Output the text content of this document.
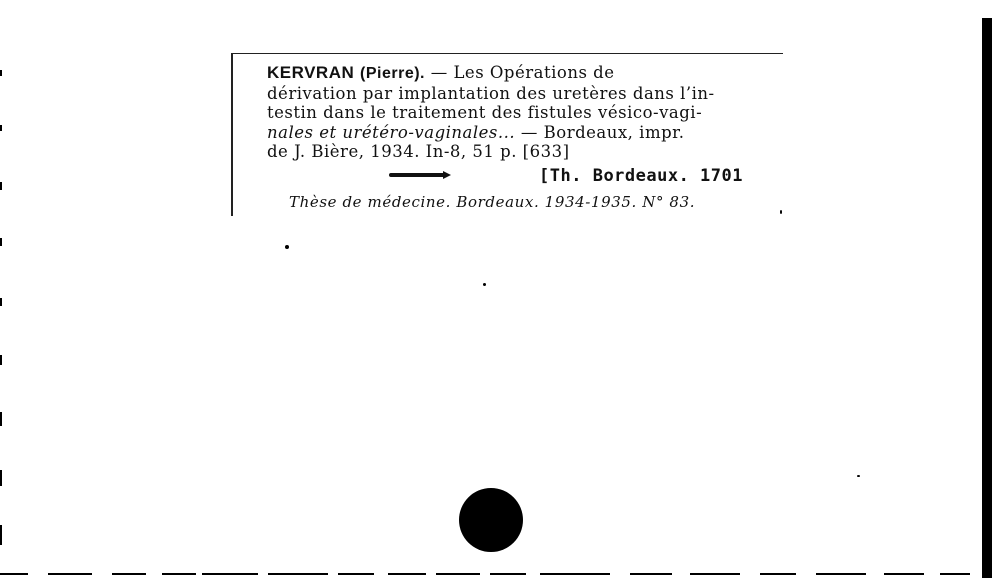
KERVRAN (Pierre). — Les Opérations de
dérivation par implantation des uretères dans l’in-
testin dans le traitement des fistules vésico-vagi-
nales et urétéro-vaginales... — Bordeaux, impr.
de J. Bière, 1934. In-8, 51 p. [633]
[Th. Bordeaux. 1701
Thèse de médecine. Bordeaux. 1934-1935. N° 83.
